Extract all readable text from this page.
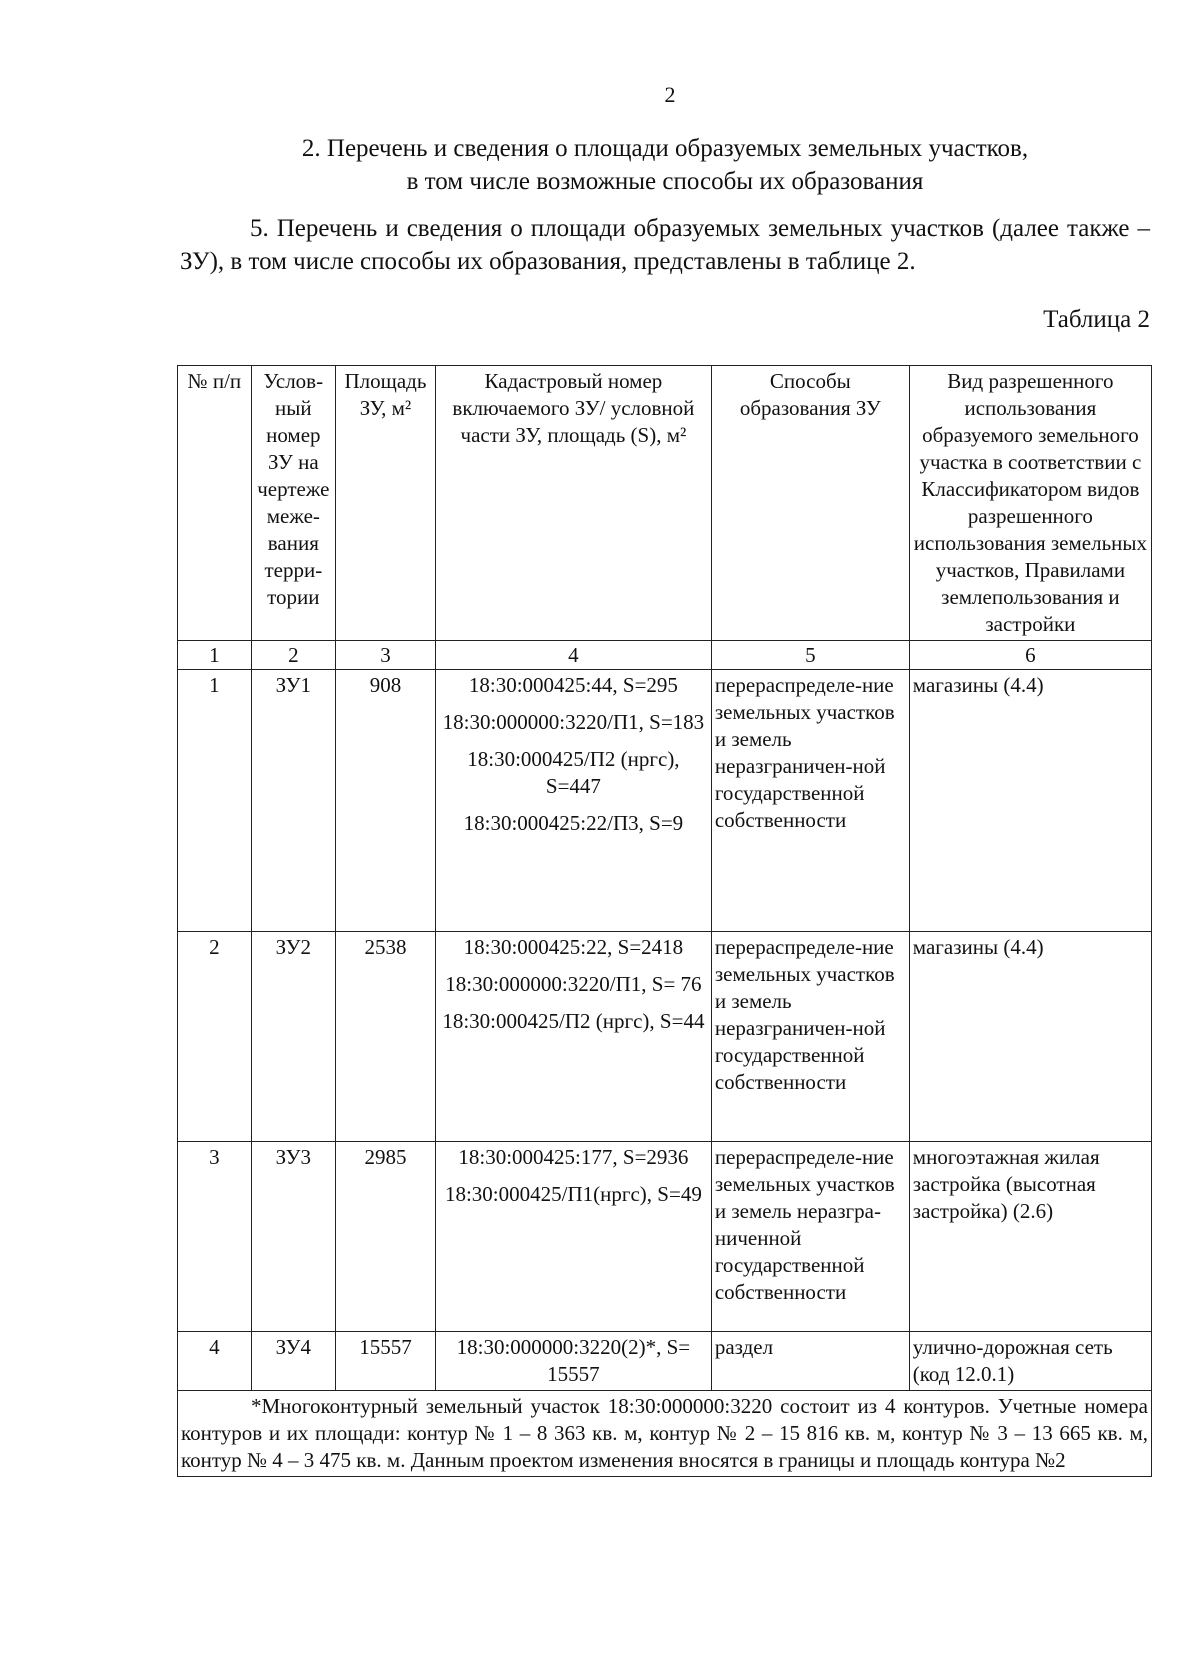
2
2. Перечень и сведения о площади образуемых земельных участков,
в том числе возможные способы их образования
5. Перечень и сведения о площади образуемых земельных участков (далее также – ЗУ), в том числе способы их образования, представлены в таблице 2.
Таблица 2
№ п/п	Услов-ный номер ЗУ на чертеже меже-вания терри-тории	Площадь ЗУ, м²	Кадастровый номер включаемого ЗУ/ условной части ЗУ, площадь (S), м²	Способы образования ЗУ	Вид разрешенного использования образуемого земельного участка в соответствии с Классификатором видов разрешенного использования земельных участков, Правилами землепользования и застройки
1	2	3	4	5	6
1	ЗУ1	908	18:30:000425:44, S=295
18:30:000000:3220/П1, S=183
18:30:000425/П2 (нргс), S=447
18:30:000425:22/П3, S=9	перераспределе-ние земельных участков и земель неразграничен-ной государственной собственности	магазины (4.4)
2	ЗУ2	2538	18:30:000425:22, S=2418
18:30:000000:3220/П1, S= 76
18:30:000425/П2 (нргс), S=44	перераспределе-ние земельных участков и земель неразграничен-ной государственной собственности	магазины (4.4)
3	ЗУ3	2985	18:30:000425:177, S=2936
18:30:000425/П1(нргс), S=49	перераспределе-ние земельных участков и земель неразгра-ниченной государственной собственности	многоэтажная жилая застройка (высотная застройка) (2.6)
4	ЗУ4	15557	18:30:000000:3220(2)*, S= 15557	раздел	улично-дорожная сеть (код 12.0.1)
*Многоконтурный земельный участок 18:30:000000:3220 состоит из 4 контуров. Учетные номера контуров и их площади: контур № 1 – 8 363 кв. м, контур № 2 – 15 816 кв. м, контур № 3 – 13 665 кв. м, контур № 4 – 3 475 кв. м. Данным проектом изменения вносятся в границы и площадь контура №2					
